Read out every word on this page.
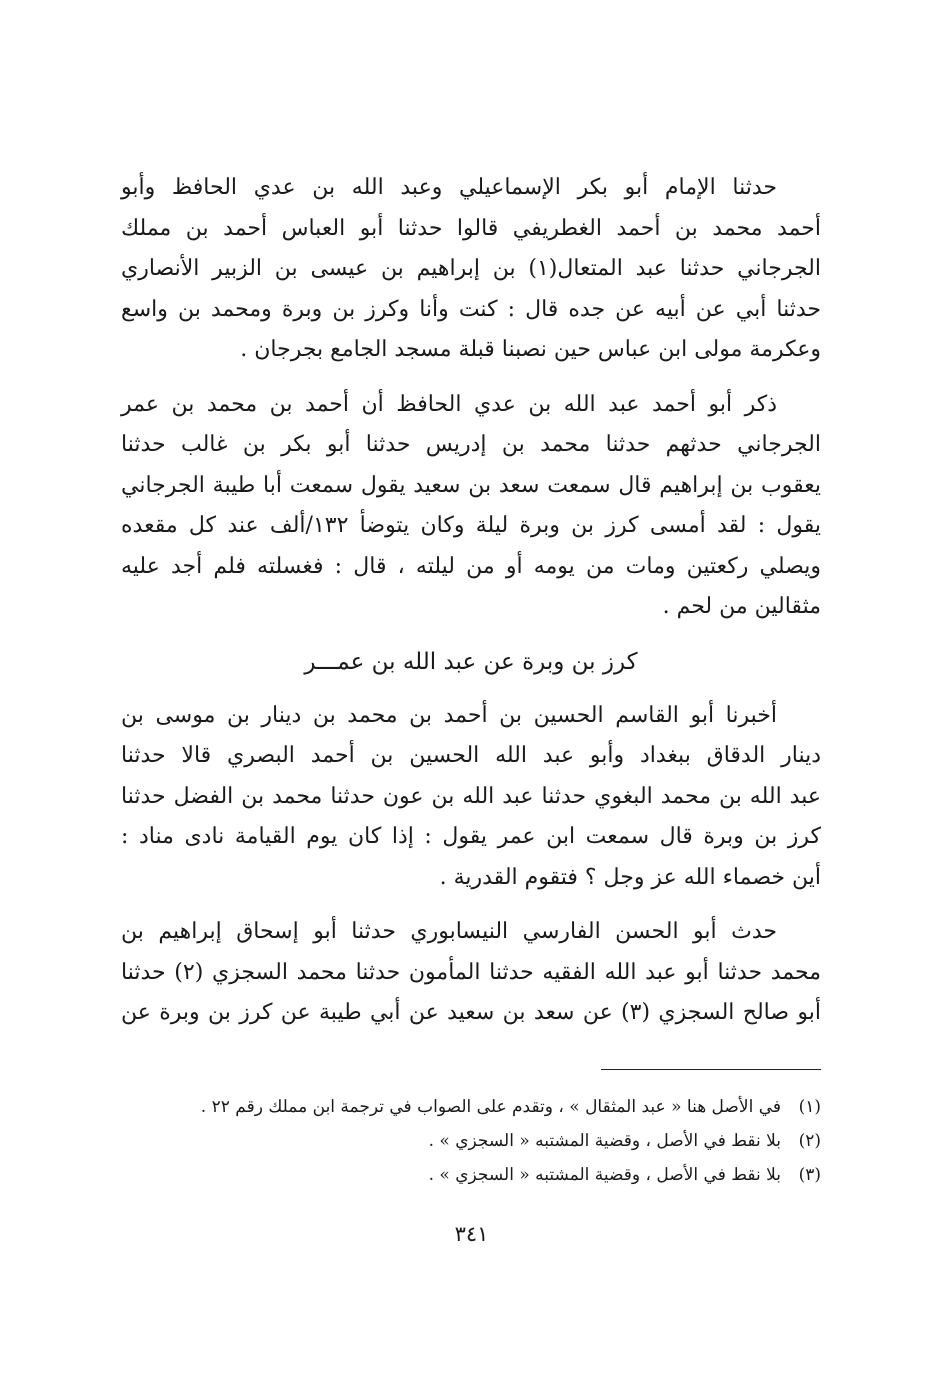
حدثنا الإمام أبو بكر الإسماعيلي وعبد الله بن عدي الحافظ وأبو
أحمد محمد بن أحمد الغطريفي قالوا حدثنا أبو العباس أحمد بن مملك
الجرجاني حدثنا عبد المتعال(١) بن إبراهيم بن عيسى بن الزبير الأنصاري
حدثنا أبي عن أبيه عن جده قال : كنت وأنا وكرز بن وبرة ومحمد بن واسع
وعكرمة مولى ابن عباس حين نصبنا قبلة مسجد الجامع بجرجان .
ذكر أبو أحمد عبد الله بن عدي الحافظ أن أحمد بن محمد بن عمر
الجرجاني حدثهم حدثنا محمد بن إدريس حدثنا أبو بكر بن غالب حدثنا
يعقوب بن إبراهيم قال سمعت سعد بن سعيد يقول سمعت أبا طيبة الجرجاني
يقول : لقد أمسى كرز بن وبرة ليلة وكان يتوضأ ١٣٢/ألف عند كل مقعده
ويصلي ركعتين ومات من يومه أو من ليلته ، قال : فغسلته فلم أجد عليه
مثقالين من لحم .
كرز بن وبرة عن عبد الله بن عمـــر
أخبرنا أبو القاسم الحسين بن أحمد بن محمد بن دينار بن موسى بن
دينار الدقاق ببغداد وأبو عبد الله الحسين بن أحمد البصري قالا حدثنا
عبد الله بن محمد البغوي حدثنا عبد الله بن عون حدثنا محمد بن الفضل حدثنا
كرز بن وبرة قال سمعت ابن عمر يقول : إذا كان يوم القيامة نادى مناد :
أين خصماء الله عز وجل ؟ فتقوم القدرية .
حدث أبو الحسن الفارسي النيسابوري حدثنا أبو إسحاق إبراهيم بن
محمد حدثنا أبو عبد الله الفقيه حدثنا المأمون حدثنا محمد السجزي (٢) حدثنا
أبو صالح السجزي (٣) عن سعد بن سعيد عن أبي طيبة عن كرز بن وبرة عن
(١)
في الأصل هنا « عبد المثقال » ، وتقدم على الصواب في ترجمة ابن مملك رقم ٢٢ .
(٢)
بلا نقط في الأصل ، وقضية المشتبه « السجزي » .
(٣)
بلا نقط في الأصل ، وقضية المشتبه « السجزي » .
٣٤١
